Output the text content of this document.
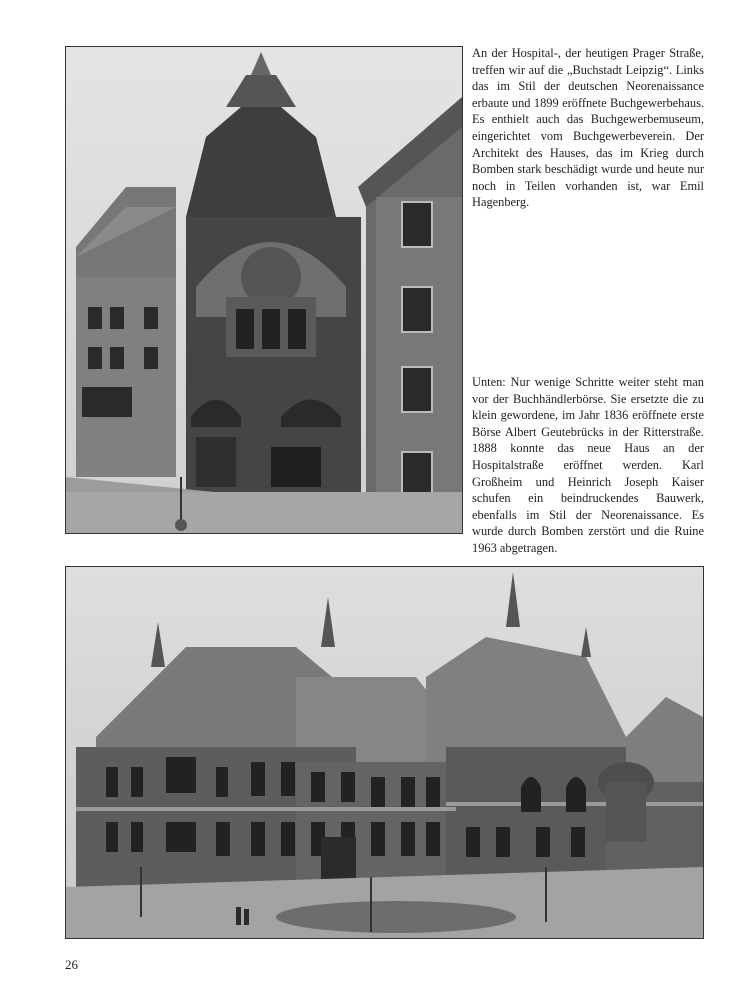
An der Hospital-, der heutigen Prager Straße, treffen wir auf die „Buchstadt Leipzig“. Links das im Stil der deutschen Neorenaissance erbaute und 1899 eröffnete Buchgewerbehaus. Es enthielt auch das Buchgewerbemuseum, eingerichtet vom Buchgewerbeverein. Der Architekt des Hauses, das im Krieg durch Bomben stark beschädigt wurde und heute nur noch in Teilen vorhanden ist, war Emil Hagenberg.

Unten: Nur wenige Schritte weiter steht man vor der Buchhändlerbörse. Sie ersetzte die zu klein gewordene, im Jahr 1836 eröffnete erste Börse Albert Geutebrücks in der Ritterstraße. 1888 konnte das neue Haus an der Hospitalstraße eröffnet werden. Karl Großheim und Heinrich Joseph Kaiser schufen ein beindruckendes Bauwerk, ebenfalls im Stil der Neorenaissance. Es wurde durch Bomben zerstört und die Ruine 1963 abgetragen.

26
